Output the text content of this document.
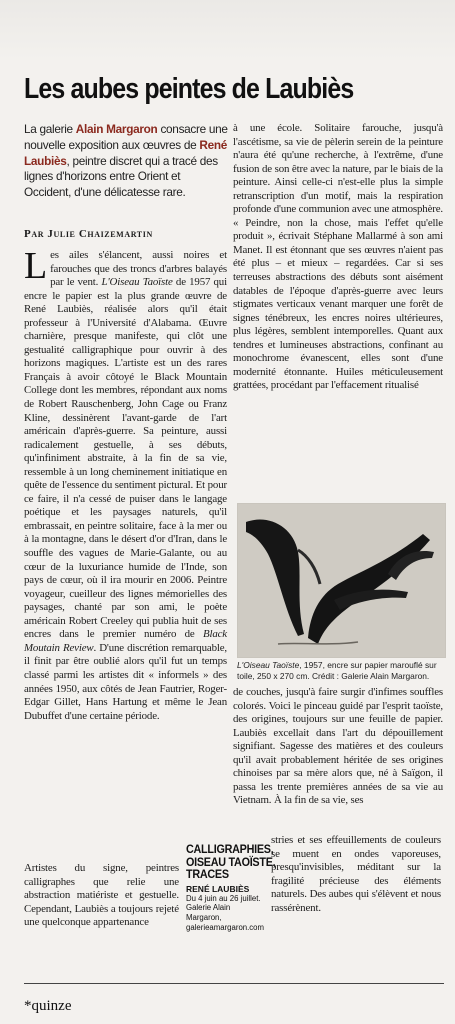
Les aubes peintes de Laubiès
La galerie Alain Margaron consacre une nouvelle exposition aux œuvres de René Laubiès, peintre discret qui a tracé des lignes d'horizons entre Orient et Occident, d'une délicatesse rare.
Par Julie Chaizemartin

Les ailes s'élancent, aussi noires et farouches que des troncs d'arbres balayés par le vent. L'Oiseau Taoïste de 1957 qui encre le papier est la plus grande œuvre de René Laubiès, réalisée alors qu'il était professeur à l'Université d'Alabama. Œuvre charnière, presque manifeste, qui clôt une gestualité calligraphique pour ouvrir à des horizons magiques. L'artiste est un des rares Français à avoir côtoyé le Black Mountain College dont les membres, répondant aux noms de Robert Rauschenberg, John Cage ou Franz Kline, dessinèrent l'avant-garde de l'art américain d'après-guerre. Sa peinture, aussi radicalement gestuelle, à ses débuts, qu'infiniment abstraite, à la fin de sa vie, ressemble à un long cheminement initiatique en quête de l'essence du sentiment pictural. Et pour ce faire, il n'a cessé de puiser dans le langage poétique et les paysages naturels, qu'il embrassait, en peintre solitaire, face à la mer ou à la montagne, dans le désert d'or d'Iran, dans le souffle des vagues de Marie-Galante, ou au cœur de la luxuriance humide de l'Inde, son pays de cœur, où il ira mourir en 2006. Peintre voyageur, cueilleur des lignes mémorielles des paysages, chanté par son ami, le poète américain Robert Creeley qui publia huit de ses encres dans le premier numéro de Black Moutain Review. D'une discrétion remarquable, il finit par être oublié alors qu'il fut un temps classé parmi les artistes dit « informels » des années 1950, aux côtés de Jean Fautrier, Roger-Edgar Gillet, Hans Hartung et même le Jean Dubuffet d'une certaine période.

Artistes du signe, peintres calligraphes que relie une abstraction matiériste et gestuelle. Cependant, Laubiès a toujours rejeté une quelconque appartenance

à une école. Solitaire farouche, jusqu'à l'ascétisme, sa vie de pèlerin serein de la peinture n'aura été qu'une recherche, à l'extrême, d'une fusion de son être avec la nature, par le biais de la peinture. Ainsi celle-ci n'est-elle plus la simple retranscription d'un motif, mais la respiration profonde d'une communion avec une atmosphère. « Peindre, non la chose, mais l'effet qu'elle produit », écrivait Stéphane Mallarmé à son ami Manet. Il est étonnant que ses œuvres n'aient pas été plus – et mieux – regardées. Car si ses terreuses abstractions des débuts sont aisément datables de l'époque d'après-guerre avec leurs stigmates verticaux venant marquer une forêt de signes ténébreux, les encres noires ultérieures, plus légères, semblent intemporelles. Quant aux tendres et lumineuses abstractions, confinant au monochrome évanescent, elles sont d'une modernité étonnante. Huiles méticuleusement grattées, procédant par l'effacement ritualisé

L'Oiseau Taoïste, 1957, encre sur papier marouflé sur toile, 250 x 270 cm. Crédit : Galerie Alain Margaron.

de couches, jusqu'à faire surgir d'infimes souffles colorés. Voici le pinceau guidé par l'esprit taoïste, des origines, toujours sur une feuille de papier. Laubiès excellait dans l'art du dépouillement signifiant. Sagesse des matières et des couleurs qu'il avait probablement héritée de ses origines chinoises par sa mère alors que, né à Saïgon, il passa les trente premières années de sa vie au Vietnam. À la fin de sa vie, ses

CALLIGRAPHIES,
OISEAU TAOÏSTE,
TRACES
RENÉ LAUBIÈS
Du 4 juin au 26 juillet.
Galerie Alain Margaron,
galerieamargaron.com

stries et ses effeuillements de couleurs se muent en ondes vaporeuses, presqu'invisibles, méditant sur la fragilité précieuse des éléments naturels. Des aubes qui s'élèvent et nous rassérènent.

*quinze
